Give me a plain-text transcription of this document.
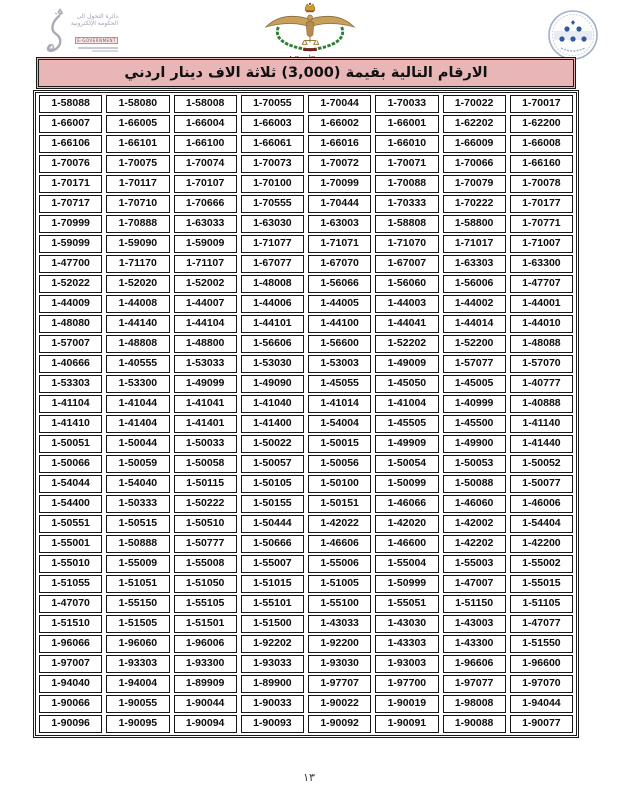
دائرة التحول الى
الحكومة الإلكترونية
E-GOVERNMENT
الارقام التالية بقيمة (3,000) ثلاثة الاف دينار اردني
1-58088	1-58080	1-58008	1-70055	1-70044	1-70033	1-70022	1-70017
1-66007	1-66005	1-66004	1-66003	1-66002	1-66001	1-62202	1-62200
1-66106	1-66101	1-66100	1-66061	1-66016	1-66010	1-66009	1-66008
1-70076	1-70075	1-70074	1-70073	1-70072	1-70071	1-70066	1-66160
1-70171	1-70117	1-70107	1-70100	1-70099	1-70088	1-70079	1-70078
1-70717	1-70710	1-70666	1-70555	1-70444	1-70333	1-70222	1-70177
1-70999	1-70888	1-63033	1-63030	1-63003	1-58808	1-58800	1-70771
1-59099	1-59090	1-59009	1-71077	1-71071	1-71070	1-71017	1-71007
1-47700	1-71170	1-71107	1-67077	1-67070	1-67007	1-63303	1-63300
1-52022	1-52020	1-52002	1-48008	1-56066	1-56060	1-56006	1-47707
1-44009	1-44008	1-44007	1-44006	1-44005	1-44003	1-44002	1-44001
1-48080	1-44140	1-44104	1-44101	1-44100	1-44041	1-44014	1-44010
1-57007	1-48808	1-48800	1-56606	1-56600	1-52202	1-52200	1-48088
1-40666	1-40555	1-53033	1-53030	1-53003	1-49009	1-57077	1-57070
1-53303	1-53300	1-49099	1-49090	1-45055	1-45050	1-45005	1-40777
1-41104	1-41044	1-41041	1-41040	1-41014	1-41004	1-40999	1-40888
1-41410	1-41404	1-41401	1-41400	1-54004	1-45505	1-45500	1-41140
1-50051	1-50044	1-50033	1-50022	1-50015	1-49909	1-49900	1-41440
1-50066	1-50059	1-50058	1-50057	1-50056	1-50054	1-50053	1-50052
1-54044	1-54040	1-50115	1-50105	1-50100	1-50099	1-50088	1-50077
1-54400	1-50333	1-50222	1-50155	1-50151	1-46066	1-46060	1-46006
1-50551	1-50515	1-50510	1-50444	1-42022	1-42020	1-42002	1-54404
1-55001	1-50888	1-50777	1-50666	1-46606	1-46600	1-42202	1-42200
1-55010	1-55009	1-55008	1-55007	1-55006	1-55004	1-55003	1-55002
1-51055	1-51051	1-51050	1-51015	1-51005	1-50999	1-47007	1-55015
1-47070	1-55150	1-55105	1-55101	1-55100	1-55051	1-51150	1-51105
1-51510	1-51505	1-51501	1-51500	1-43033	1-43030	1-43003	1-47077
1-96066	1-96060	1-96006	1-92202	1-92200	1-43303	1-43300	1-51550
1-97007	1-93303	1-93300	1-93033	1-93030	1-93003	1-96606	1-96600
1-94040	1-94004	1-89909	1-89900	1-97707	1-97700	1-97077	1-97070
1-90066	1-90055	1-90044	1-90033	1-90022	1-90019	1-98008	1-94044
1-90096	1-90095	1-90094	1-90093	1-90092	1-90091	1-90088	1-90077
١٣
